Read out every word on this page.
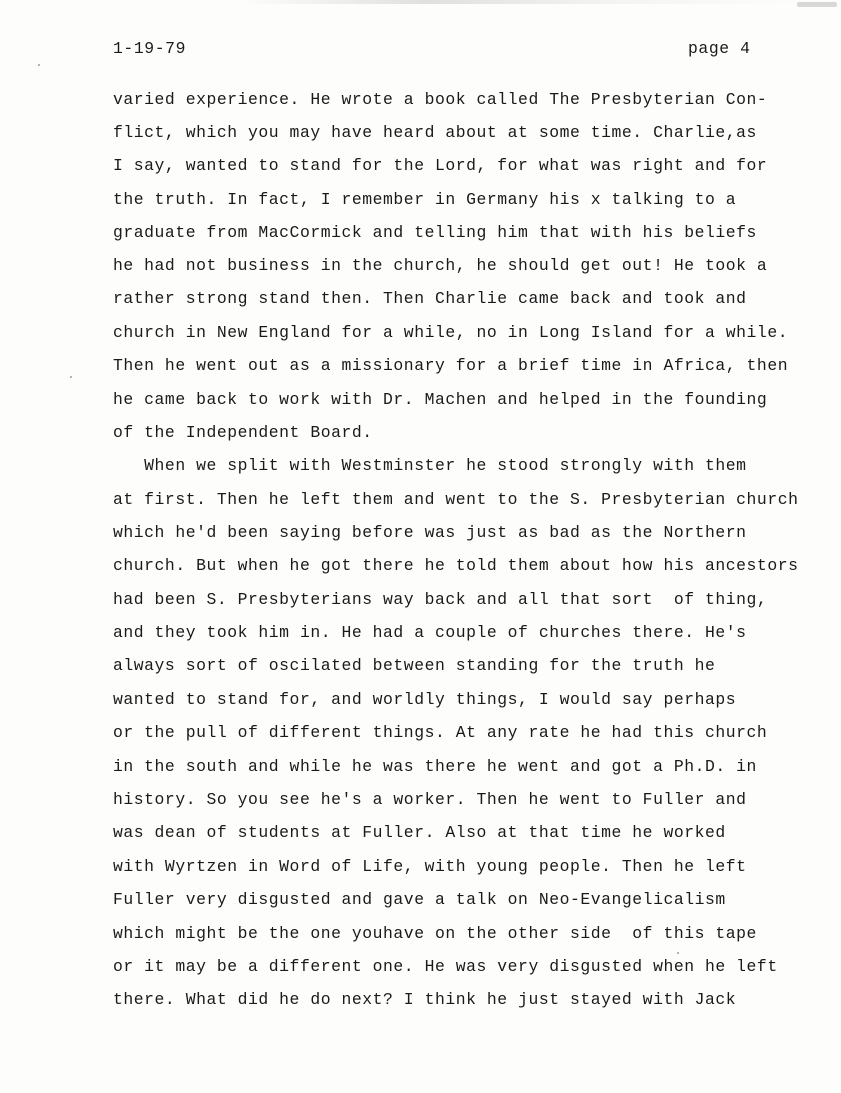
1-19-79	page 4
varied experience. He wrote a book called The Presbyterian Con-
flict, which you may have heard about at some time. Charlie,as
I say, wanted to stand for the Lord, for what was right and for
the truth. In fact, I remember in Germany his x talking to a
graduate from MacCormick and telling him that with his beliefs
he had not business in the church, he should get out! He took a
rather strong stand then. Then Charlie came back and took and
church in New England for a while, no in Long Island for a while.
Then he went out as a missionary for a brief time in Africa, then
he came back to work with Dr. Machen and helped in the founding
of the Independent Board.
When we split with Westminster he stood strongly with them
at first. Then he left them and went to the S. Presbyterian church
which he'd been saying before was just as bad as the Northern
church. But when he got there he told them about how his ancestors
had been S. Presbyterians way back and all that sort  of thing,
and they took him in. He had a couple of churches there. He's
always sort of oscilated between standing for the truth he
wanted to stand for, and worldly things, I would say perhaps
or the pull of different things. At any rate he had this church
in the south and while he was there he went and got a Ph.D. in
history. So you see he's a worker. Then he went to Fuller and
was dean of students at Fuller. Also at that time he worked
with Wyrtzen in Word of Life, with young people. Then he left
Fuller very disgusted and gave a talk on Neo-Evangelicalism
which might be the one youhave on the other side  of this tape
or it may be a different one. He was very disgusted when he left
there. What did he do next? I think he just stayed with Jack
